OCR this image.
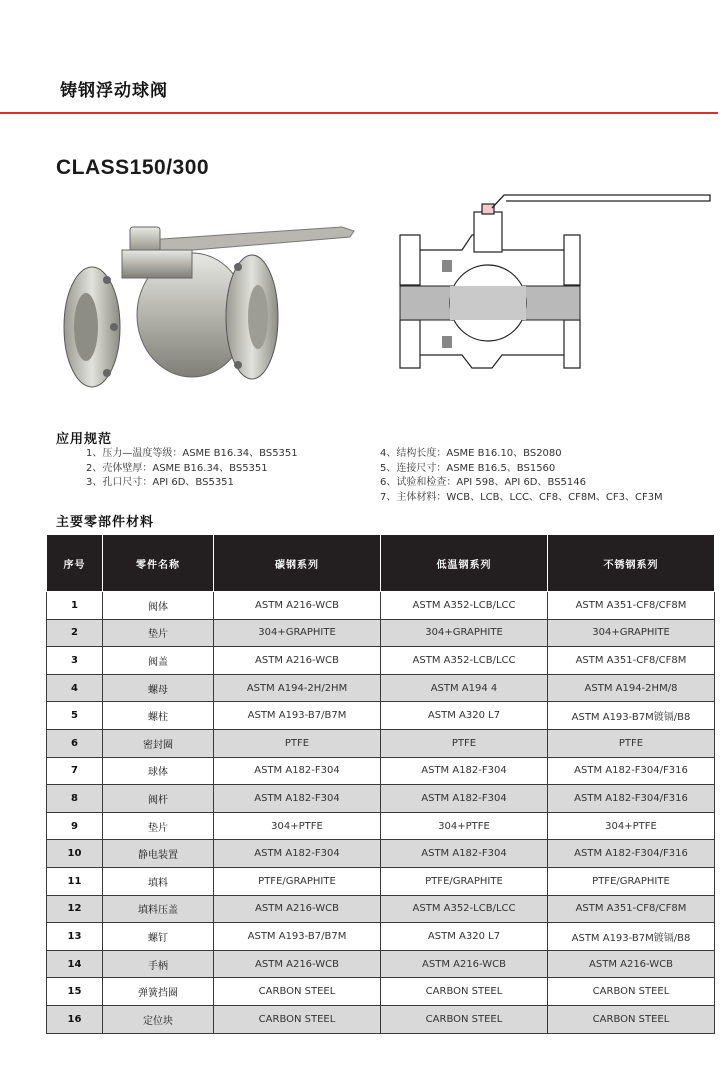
铸钢浮动球阀
CLASS150/300
应用规范
1、压力—温度等级：ASME B16.34、BS5351
2、壳体壁厚：ASME B16.34、BS5351
3、孔口尺寸：API 6D、BS5351
4、结构长度：ASME B16.10、BS2080
5、连接尺寸：ASME B16.5、BS1560
6、试验和检查：API 598、API 6D、BS5146
7、主体材料：WCB、LCB、LCC、CF8、CF8M、CF3、CF3M
主要零部件材料
序号	零件名称	碳钢系列	低温钢系列	不锈钢系列
1	阀体	ASTM A216-WCB	ASTM A352-LCB/LCC	ASTM A351-CF8/CF8M
2	垫片	304+GRAPHITE	304+GRAPHITE	304+GRAPHITE
3	阀盖	ASTM A216-WCB	ASTM A352-LCB/LCC	ASTM A351-CF8/CF8M
4	螺母	ASTM A194-2H/2HM	ASTM A194 4	ASTM A194-2HM/8
5	螺柱	ASTM A193-B7/B7M	ASTM A320 L7	ASTM A193-B7M镀镉/B8
6	密封圈	PTFE	PTFE	PTFE
7	球体	ASTM A182-F304	ASTM A182-F304	ASTM A182-F304/F316
8	阀杆	ASTM A182-F304	ASTM A182-F304	ASTM A182-F304/F316
9	垫片	304+PTFE	304+PTFE	304+PTFE
10	静电装置	ASTM A182-F304	ASTM A182-F304	ASTM A182-F304/F316
11	填料	PTFE/GRAPHITE	PTFE/GRAPHITE	PTFE/GRAPHITE
12	填料压盖	ASTM A216-WCB	ASTM A352-LCB/LCC	ASTM A351-CF8/CF8M
13	螺钉	ASTM A193-B7/B7M	ASTM A320 L7	ASTM A193-B7M镀镉/B8
14	手柄	ASTM A216-WCB	ASTM A216-WCB	ASTM A216-WCB
15	弹簧挡圈	CARBON STEEL	CARBON STEEL	CARBON STEEL
16	定位块	CARBON STEEL	CARBON STEEL	CARBON STEEL
